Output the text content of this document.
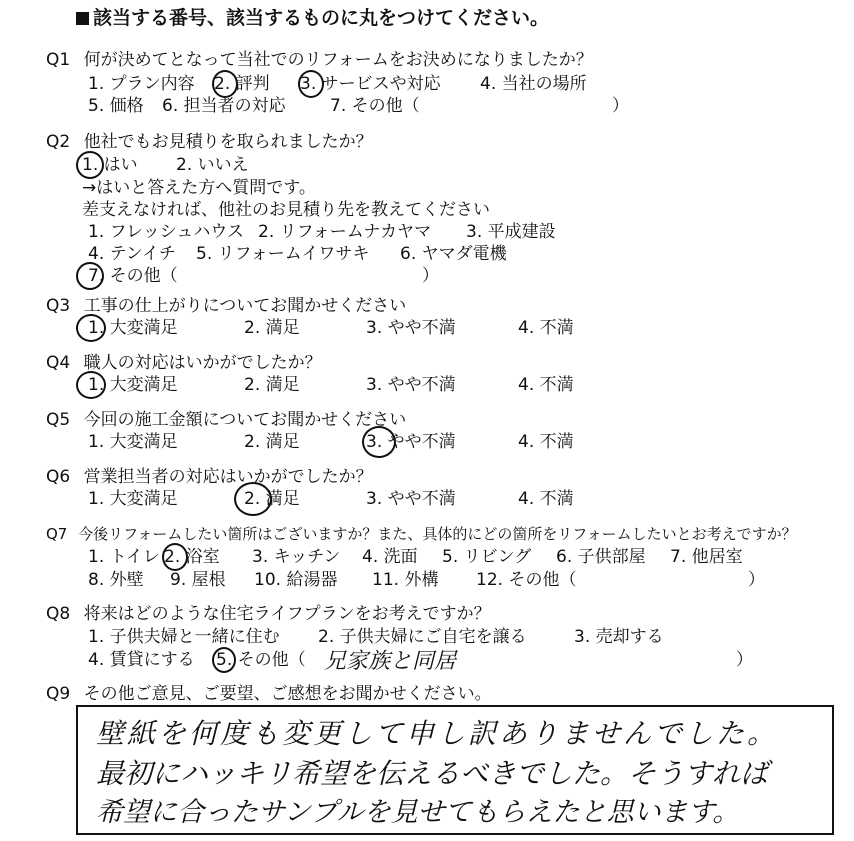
該当する番号、該当するものに丸をつけてください。
Q1 何が決めてとなって当社でのリフォームをお決めになりましたか？
1. プラン内容 2. 評判 3. サービスや対応 4. 当社の場所
5. 価格 6. 担当者の対応	7. その他（	）
Q2 他社でもお見積りを取られましたか？
1. はい 2. いいえ
→はいと答えた方へ質問です。
差支えなければ、他社のお見積り先を教えてください
1. フレッシュハウス 2. リフォームナカヤマ 3. 平成建設
4. テンイチ 5. リフォームイワサキ 6. ヤマダ電機
7. その他（	）
Q3 工事の仕上がりについてお聞かせください
1. 大変満足	2. 満足	3. やや不満	4. 不満
Q4 職人の対応はいかがでしたか？
1. 大変満足	2. 満足	3. やや不満	4. 不満
Q5 今回の施工金額についてお聞かせください
1. 大変満足	2. 満足	3. やや不満	4. 不満
Q6 営業担当者の対応はいかがでしたか？
1. 大変満足	2. 満足	3. やや不満	4. 不満
Q7 今後リフォームしたい箇所はございますか？また、具体的にどの箇所をリフォームしたいとお考えですか？
1. トイレ 2. 浴室 3. キッチン 4. 洗面 5. リビング 6. 子供部屋 7. 他居室
8. 外壁 9. 屋根 10. 給湯器 11. 外構 12. その他（	）
Q8 将来はどのような住宅ライフプランをお考えですか？
1. 子供夫婦と一緒に住む 2. 子供夫婦にご自宅を譲る	3. 売却する
4. 賃貸にする 5. その他（ 兄家族と同居	）
Q9 その他ご意見、ご要望、ご感想をお聞かせください。
壁紙を何度も変更して申し訳ありませんでした。
最初にハッキリ希望を伝えるべきでした。そうすれば
希望に合ったサンプルを見せてもらえたと思います。
